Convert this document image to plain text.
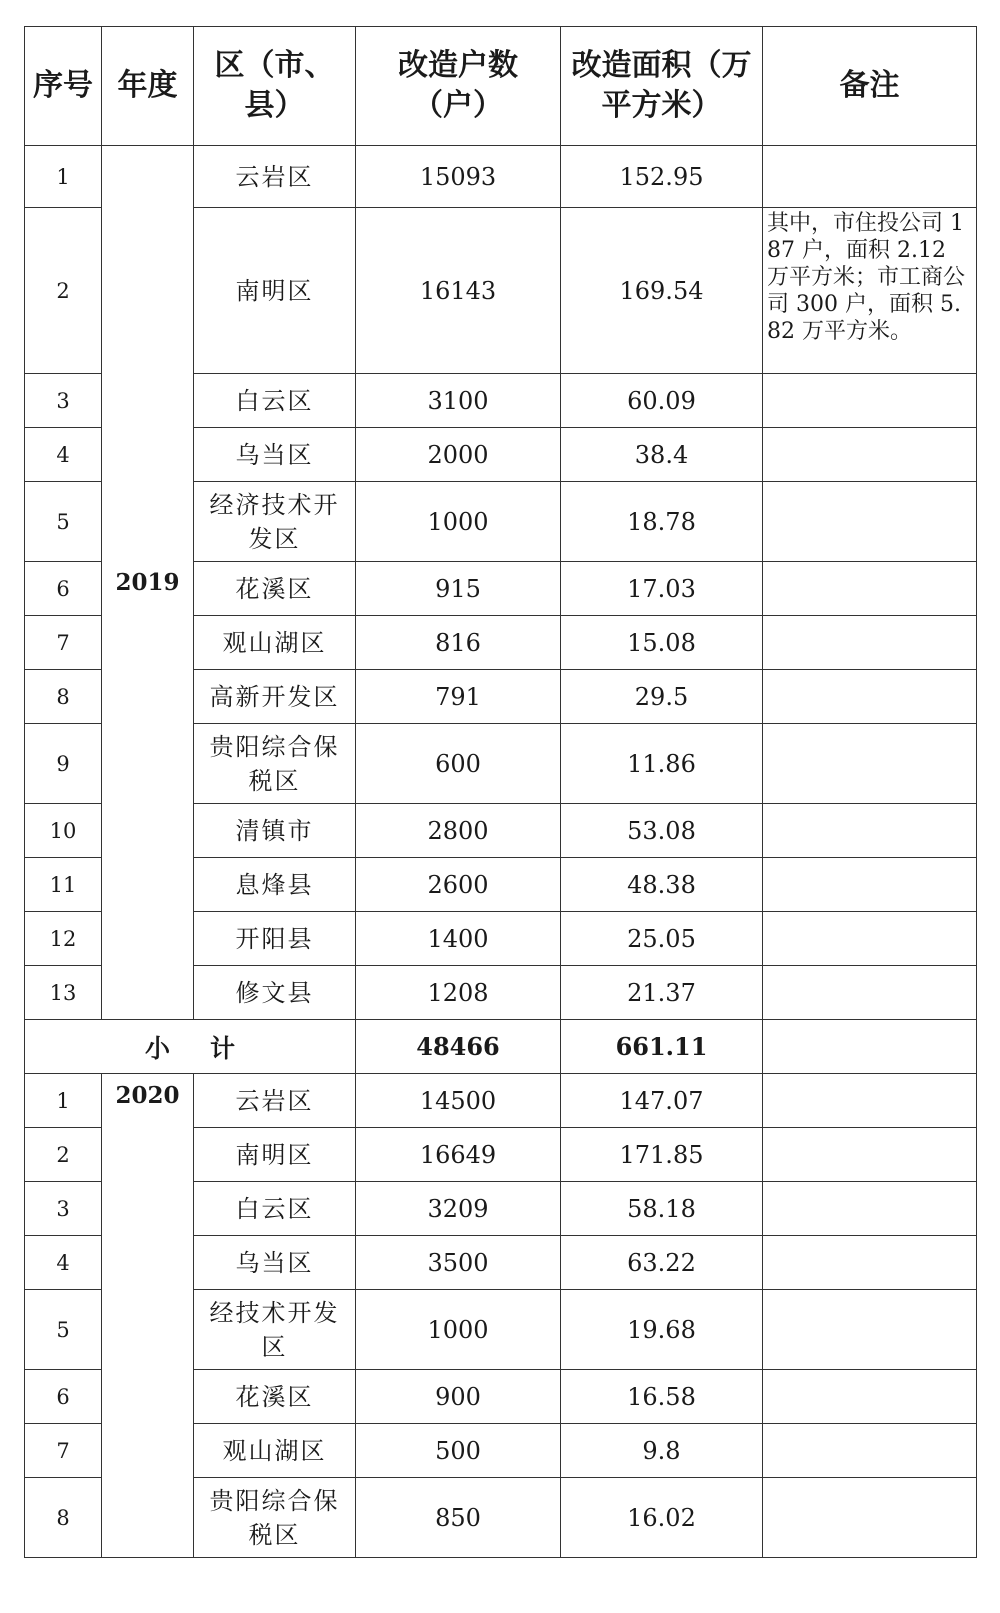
序号	年度	区（市、县）	改造户数（户）	改造面积（万平方米）	备注
1	2019	云岩区	15093	152.95	
2		南明区	16143	169.54	其中，市住投公司 187 户，面积 2.12 万平方米；市工商公司 300 户，面积 5.82 万平方米。
3		白云区	3100	60.09	
4		乌当区	2000	38.4	
5		经济技术开发区	1000	18.78	
6		花溪区	915	17.03	
7		观山湖区	816	15.08	
8		高新开发区	791	29.5	
9		贵阳综合保税区	600	11.86	
10		清镇市	2800	53.08	
11		息烽县	2600	48.38	
12		开阳县	1400	25.05	
13		修文县	1208	21.37	
小计			48466	661.11	
1	2020	云岩区	14500	147.07	
2		南明区	16649	171.85	
3		白云区	3209	58.18	
4		乌当区	3500	63.22	
5		经技术开发区	1000	19.68	
6		花溪区	900	16.58	
7		观山湖区	500	9.8	
8		贵阳综合保税区	850	16.02	
